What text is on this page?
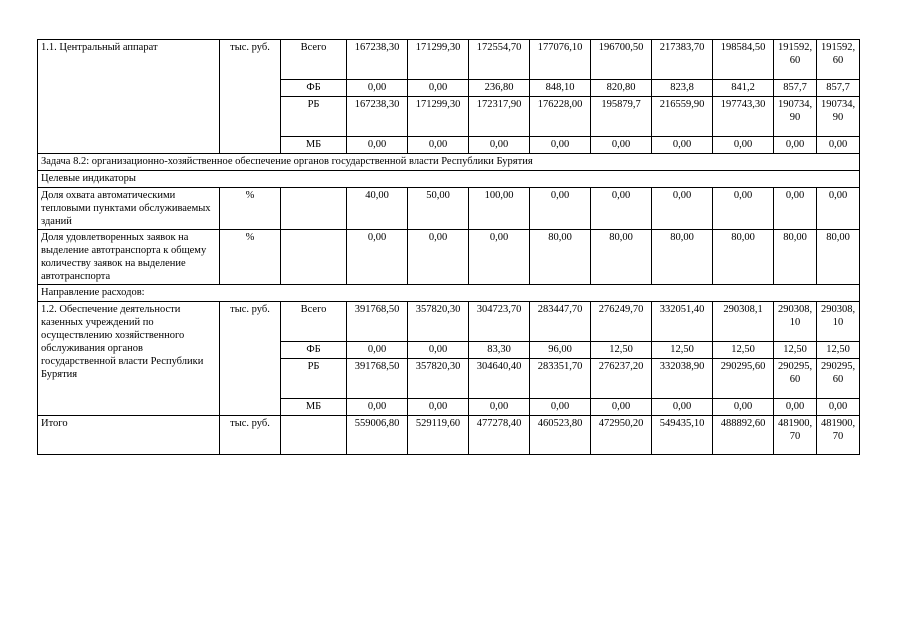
1.1. Центральный аппарат	тыс. руб.	Всего	167238,30	171299,30	172554,70	177076,10	196700,50	217383,70	198584,50	191592,60	191592,60
		ФБ	0,00	0,00	236,80	848,10	820,80	823,8	841,2	857,7	857,7
		РБ	167238,30	171299,30	172317,90	176228,00	195879,7	216559,90	197743,30	190734,90	190734,90
		МБ	0,00	0,00	0,00	0,00	0,00	0,00	0,00	0,00	0,00
Задача 8.2: организационно-хозяйственное обеспечение органов государственной власти Республики Бурятия											
Целевые индикаторы											
Доля охвата автоматическими тепловыми пунктами обслуживаемых зданий	%		40,00	50,00	100,00	0,00	0,00	0,00	0,00	0,00	0,00
Доля удовлетворенных заявок на выделение автотранспорта к общему количеству заявок на выделение автотранспорта	%		0,00	0,00	0,00	80,00	80,00	80,00	80,00	80,00	80,00
Направление расходов:											
1.2. Обеспечение деятельности казенных учреждений по осуществлению хозяйственного обслуживания органов государственной власти Республики Бурятия	тыс. руб.	Всего	391768,50	357820,30	304723,70	283447,70	276249,70	332051,40	290308,1	290308,10	290308,10
		ФБ	0,00	0,00	83,30	96,00	12,50	12,50	12,50	12,50	12,50
		РБ	391768,50	357820,30	304640,40	283351,70	276237,20	332038,90	290295,60	290295,60	290295,60
		МБ	0,00	0,00	0,00	0,00	0,00	0,00	0,00	0,00	0,00
Итого	тыс. руб.		559006,80	529119,60	477278,40	460523,80	472950,20	549435,10	488892,60	481900,70	481900,70
